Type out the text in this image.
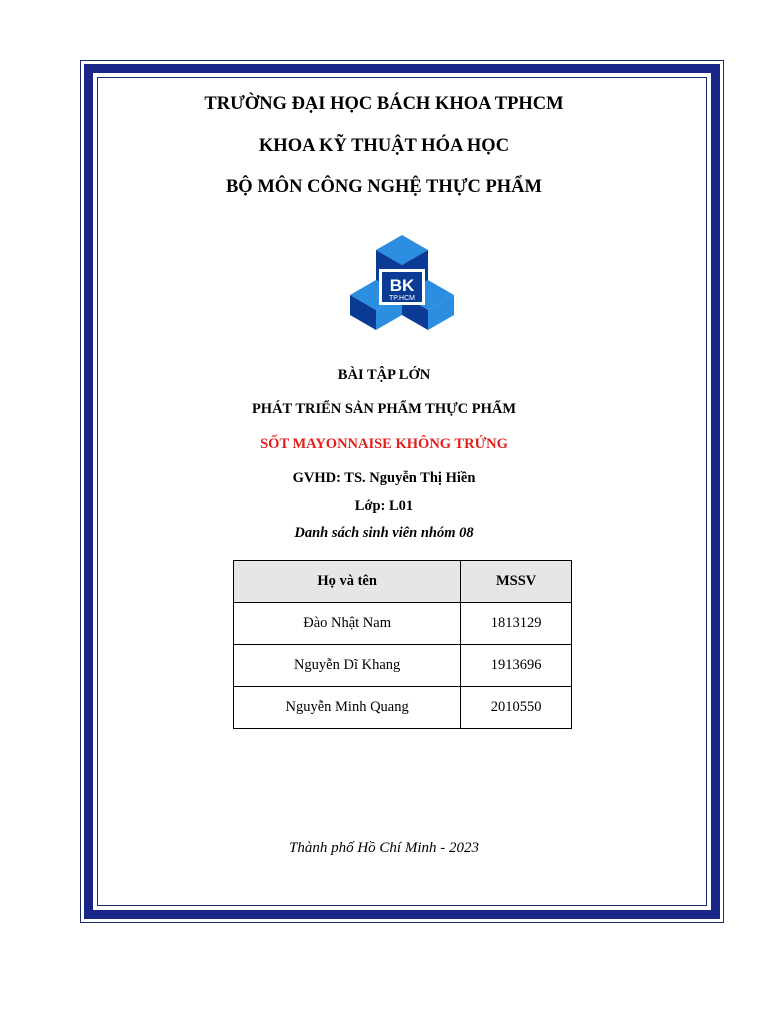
TRƯỜNG ĐẠI HỌC BÁCH KHOA TPHCM
KHOA KỸ THUẬT HÓA HỌC
BỘ MÔN CÔNG NGHỆ THỰC PHẨM
BK
TP.HCM
BÀI TẬP LỚN
PHÁT TRIỂN SẢN PHẨM THỰC PHẨM
SỐT MAYONNAISE KHÔNG TRỨNG
GVHD: TS. Nguyễn Thị Hiền
Lớp: L01
Danh sách sinh viên nhóm 08
Họ và tên	MSSV
Đào Nhật Nam	1813129
Nguyễn Dĩ Khang	1913696
Nguyễn Minh Quang	2010550
Thành phố Hồ Chí Minh - 2023
